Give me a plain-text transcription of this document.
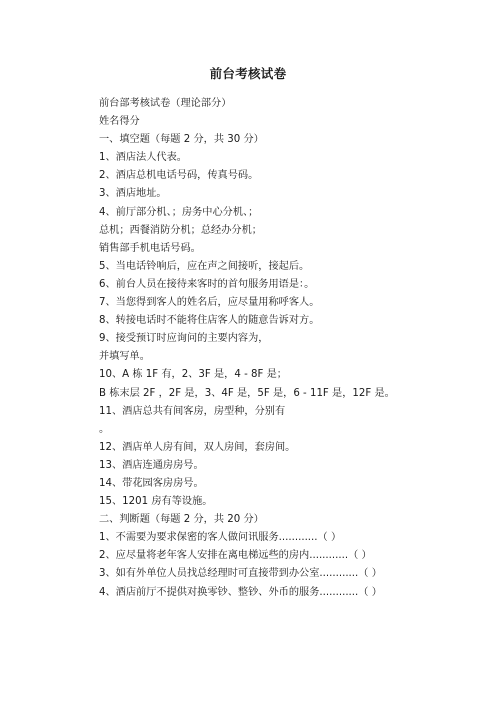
前台考核试卷
前台部考核试卷（理论部分）
姓名得分
一、填空题（每题 2 分，共 30 分）
1、酒店法人代表。
2、酒店总机电话号码，传真号码。
3、酒店地址。
4、前厅部分机、；房务中心分机、；
总机；西餐消防分机；总经办分机；
销售部手机电话号码。
5、当电话铃响后，应在声之间接听，接起后。
6、前台人员在接待来客时的首句服务用语是：。
7、当您得到客人的姓名后，应尽量用称呼客人。
8、转接电话时不能将住店客人的随意告诉对方。
9、接受预订时应询问的主要内容为，
并填写单。
10、A 栋 1F 有，2、3F 是，4 - 8F 是；
B 栋末层 2F ，2F 是，3、4F 是，5F 是，6 - 11F 是，12F 是。
11、酒店总共有间客房，房型种，分别有
。
12、酒店单人房有间，双人房间，套房间。
13、酒店连通房房号。
14、带花园客房房号。
15、1201 房有等设施。
二、判断题（每题 2 分，共 20 分）
1、不需要为要求保密的客人做问讯服务............（ ）
2、应尽量将老年客人安排在离电梯远些的房内............（ ）
3、如有外单位人员找总经理时可直接带到办公室............（ ）
4、酒店前厅不提供对换零钞、整钞、外币的服务............（ ）
